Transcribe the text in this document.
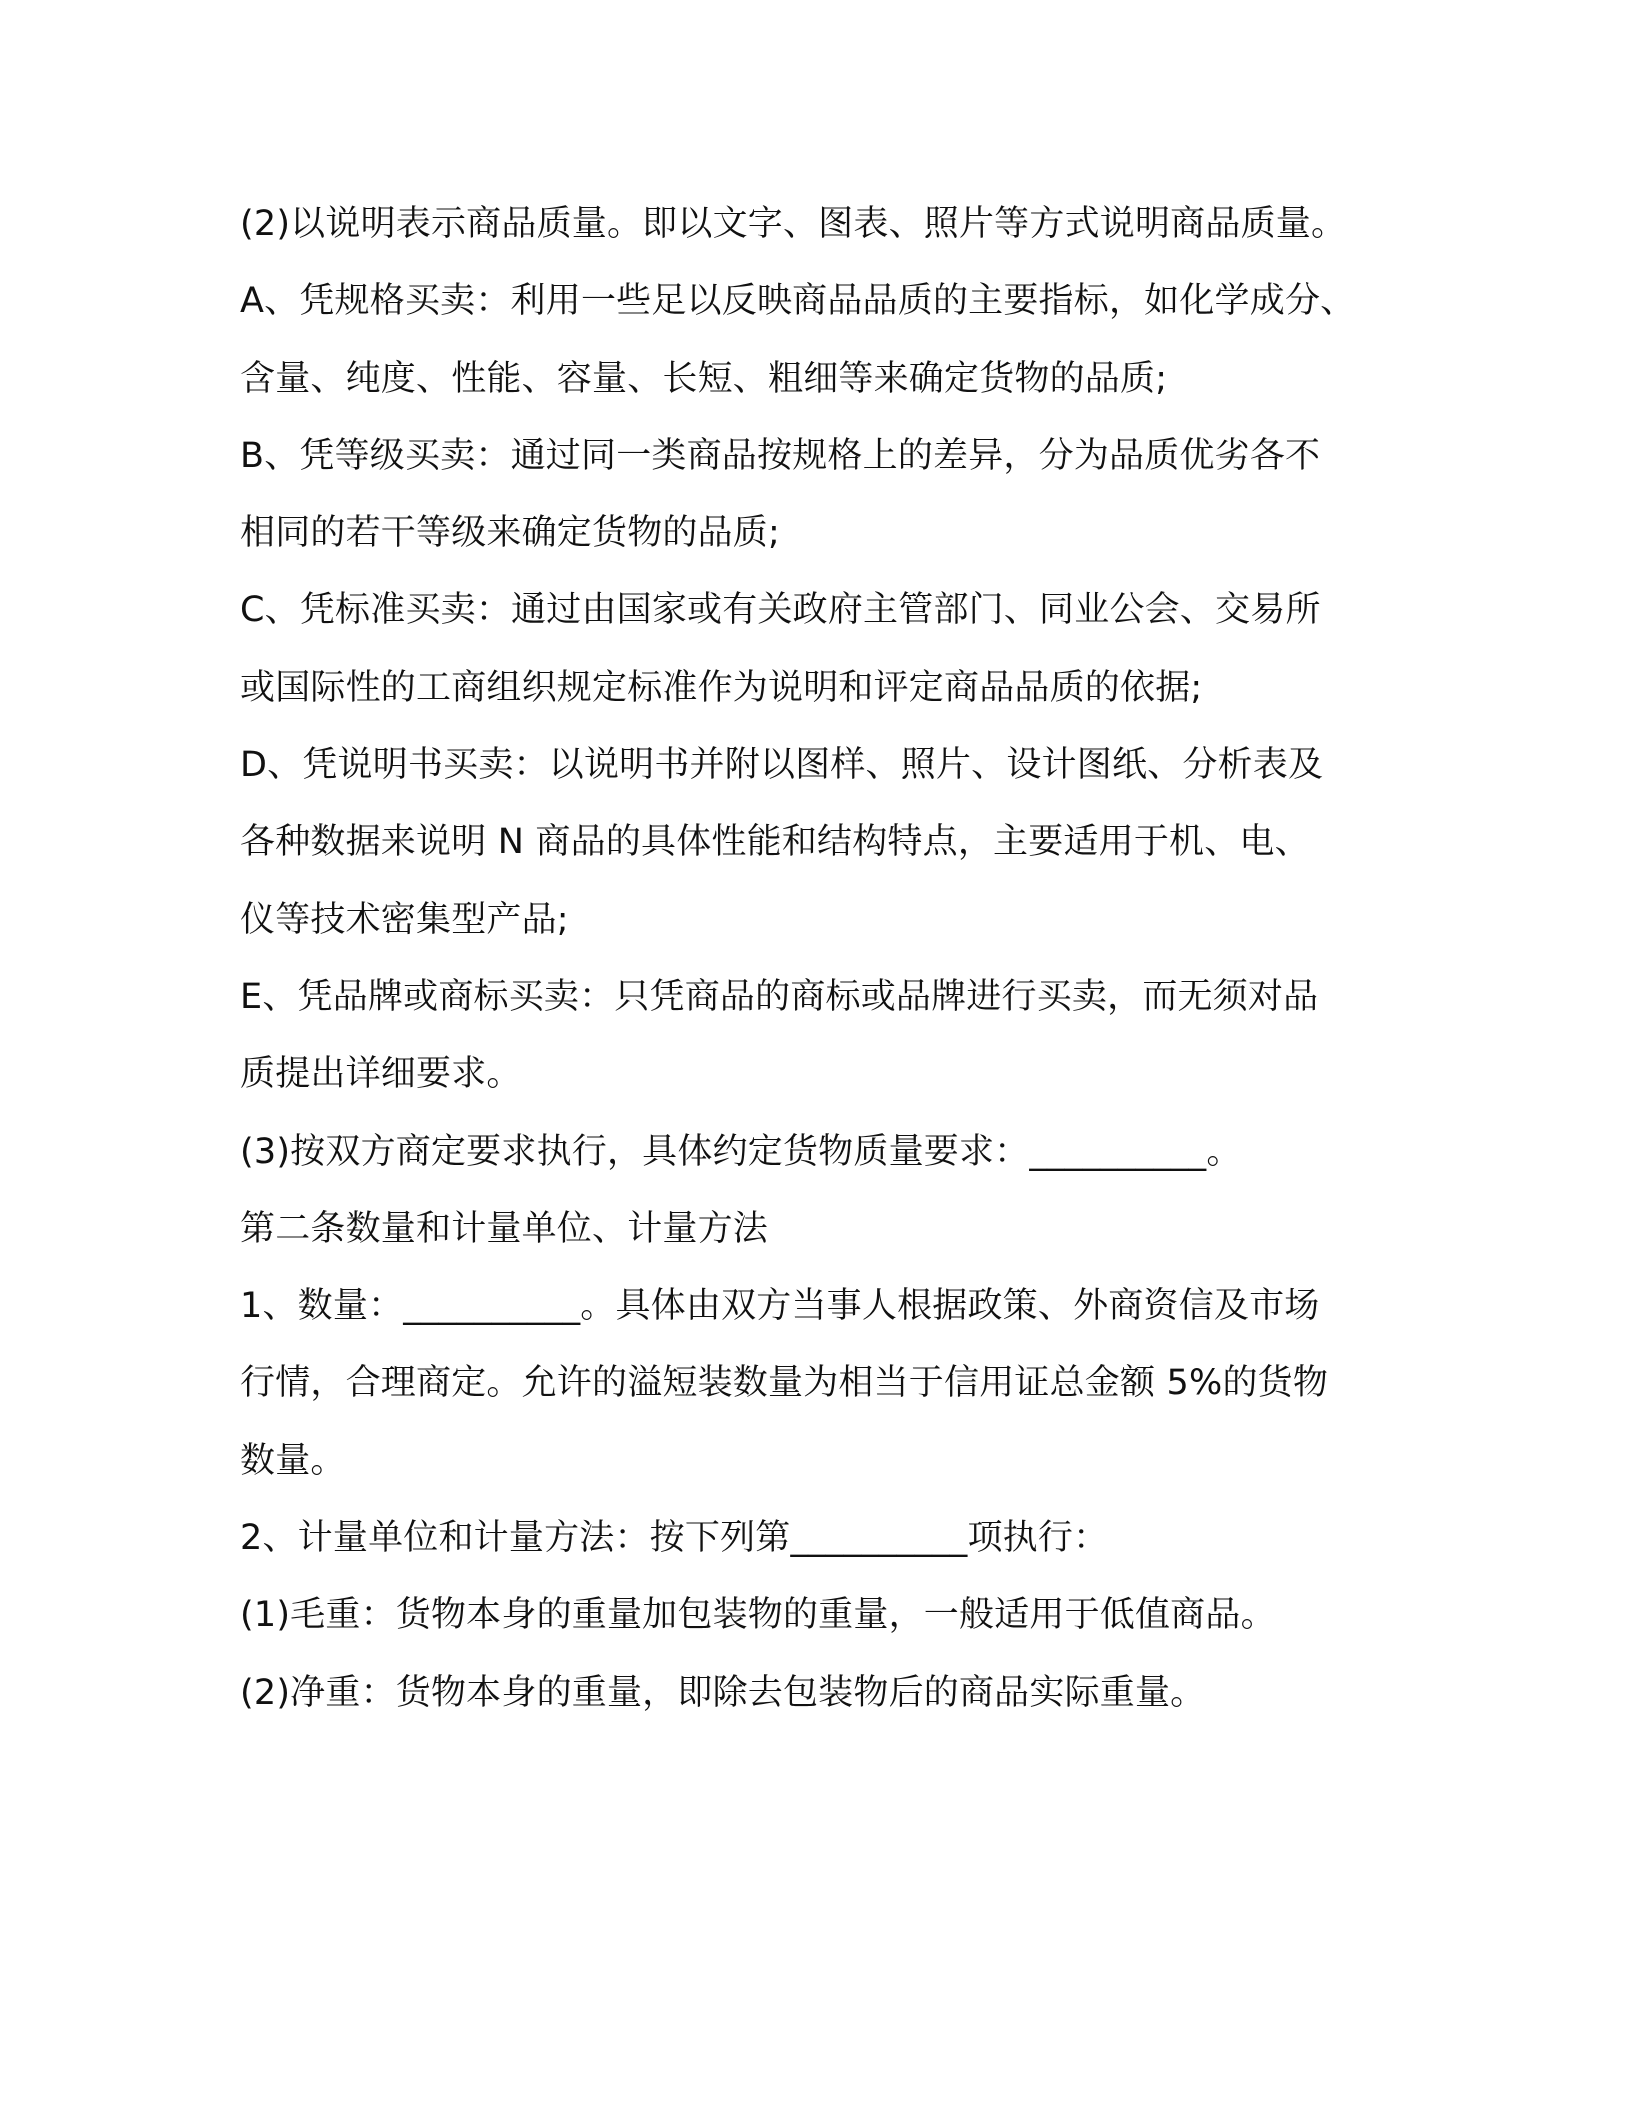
(2)以说明表示商品质量。即以文字、图表、照片等方式说明商品质量。
A、凭规格买卖：利用一些足以反映商品品质的主要指标，如化学成分、
含量、纯度、性能、容量、长短、粗细等来确定货物的品质;
B、凭等级买卖：通过同一类商品按规格上的差异，分为品质优劣各不
相同的若干等级来确定货物的品质;
C、凭标准买卖：通过由国家或有关政府主管部门、同业公会、交易所
或国际性的工商组织规定标准作为说明和评定商品品质的依据;
D、凭说明书买卖：以说明书并附以图样、照片、设计图纸、分析表及
各种数据来说明 N 商品的具体性能和结构特点，主要适用于机、电、
仪等技术密集型产品;
E、凭品牌或商标买卖：只凭商品的商标或品牌进行买卖，而无须对品
质提出详细要求。
(3)按双方商定要求执行，具体约定货物质量要求：__________。
第二条数量和计量单位、计量方法
1、数量：__________。具体由双方当事人根据政策、外商资信及市场
行情，合理商定。允许的溢短装数量为相当于信用证总金额 5%的货物
数量。
2、计量单位和计量方法：按下列第__________项执行：
(1)毛重：货物本身的重量加包装物的重量，一般适用于低值商品。
(2)净重：货物本身的重量，即除去包装物后的商品实际重量。
